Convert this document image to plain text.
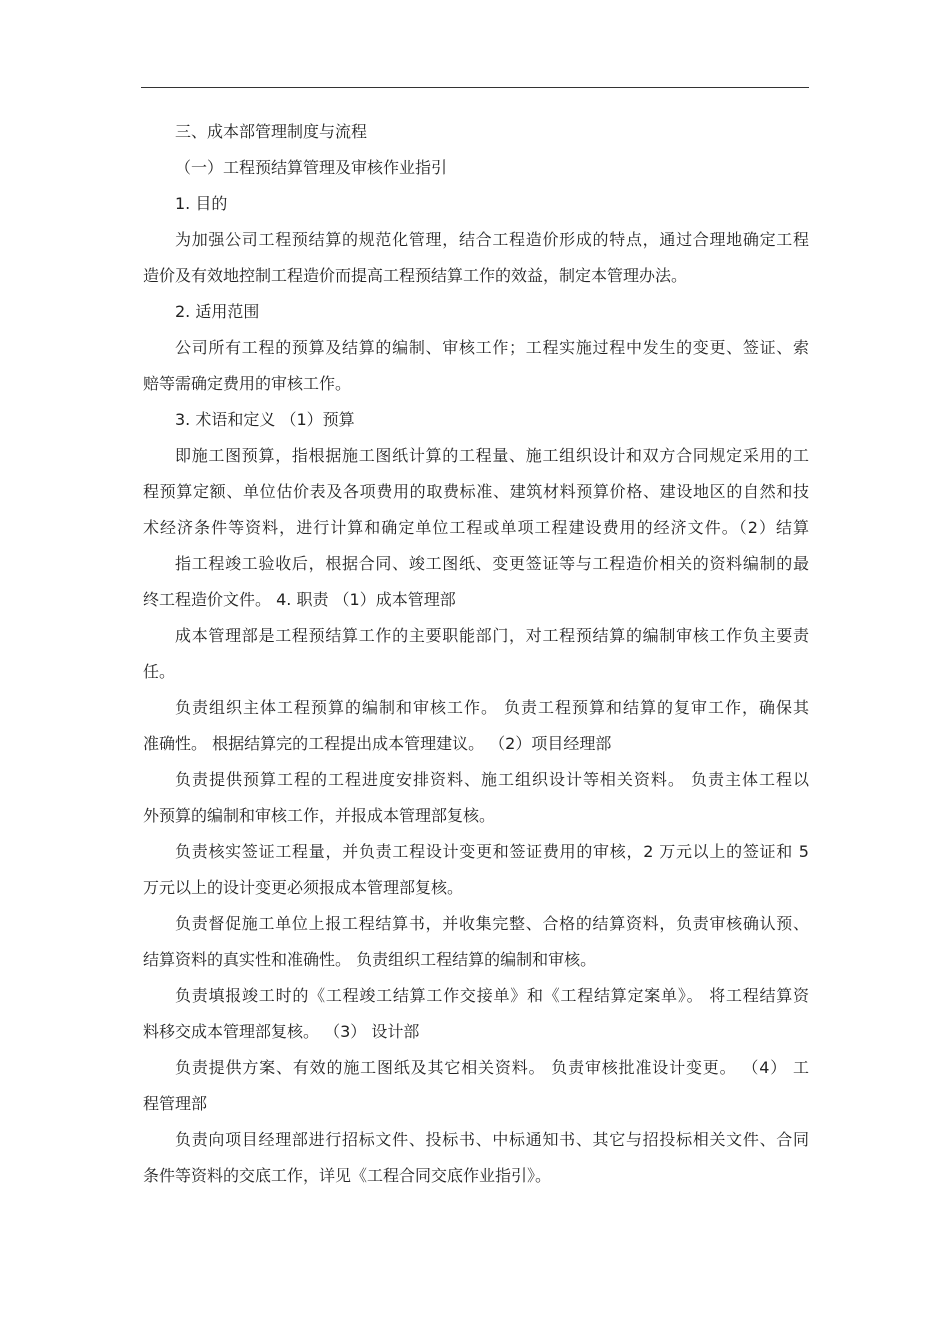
三、成本部管理制度与流程
（一）工程预结算管理及审核作业指引
1. 目的
为加强公司工程预结算的规范化管理，结合工程造价形成的特点，通过合理地确定工程
造价及有效地控制工程造价而提高工程预结算工作的效益，制定本管理办法。
2. 适用范围
公司所有工程的预算及结算的编制、审核工作；工程实施过程中发生的变更、签证、索
赔等需确定费用的审核工作。
3. 术语和定义 （1）预算
即施工图预算，指根据施工图纸计算的工程量、施工组织设计和双方合同规定采用的工
程预算定额、单位估价表及各项费用的取费标准、建筑材料预算价格、建设地区的自然和技
术经济条件等资料，进行计算和确定单位工程或单项工程建设费用的经济文件。（2）结算
指工程竣工验收后，根据合同、竣工图纸、变更签证等与工程造价相关的资料编制的最
终工程造价文件。 4. 职责 （1）成本管理部
成本管理部是工程预结算工作的主要职能部门，对工程预结算的编制审核工作负主要责
任。
负责组织主体工程预算的编制和审核工作。 负责工程预算和结算的复审工作，确保其
准确性。 根据结算完的工程提出成本管理建议。 （2）项目经理部
负责提供预算工程的工程进度安排资料、施工组织设计等相关资料。 负责主体工程以
外预算的编制和审核工作，并报成本管理部复核。
负责核实签证工程量，并负责工程设计变更和签证费用的审核，2 万元以上的签证和 5
万元以上的设计变更必须报成本管理部复核。
负责督促施工单位上报工程结算书，并收集完整、合格的结算资料，负责审核确认预、
结算资料的真实性和准确性。 负责组织工程结算的编制和审核。
负责填报竣工时的《工程竣工结算工作交接单》和《工程结算定案单》。 将工程结算资
料移交成本管理部复核。 （3） 设计部
负责提供方案、有效的施工图纸及其它相关资料。 负责审核批准设计变更。 （4） 工
程管理部
负责向项目经理部进行招标文件、投标书、中标通知书、其它与招投标相关文件、合同
条件等资料的交底工作，详见《工程合同交底作业指引》。
